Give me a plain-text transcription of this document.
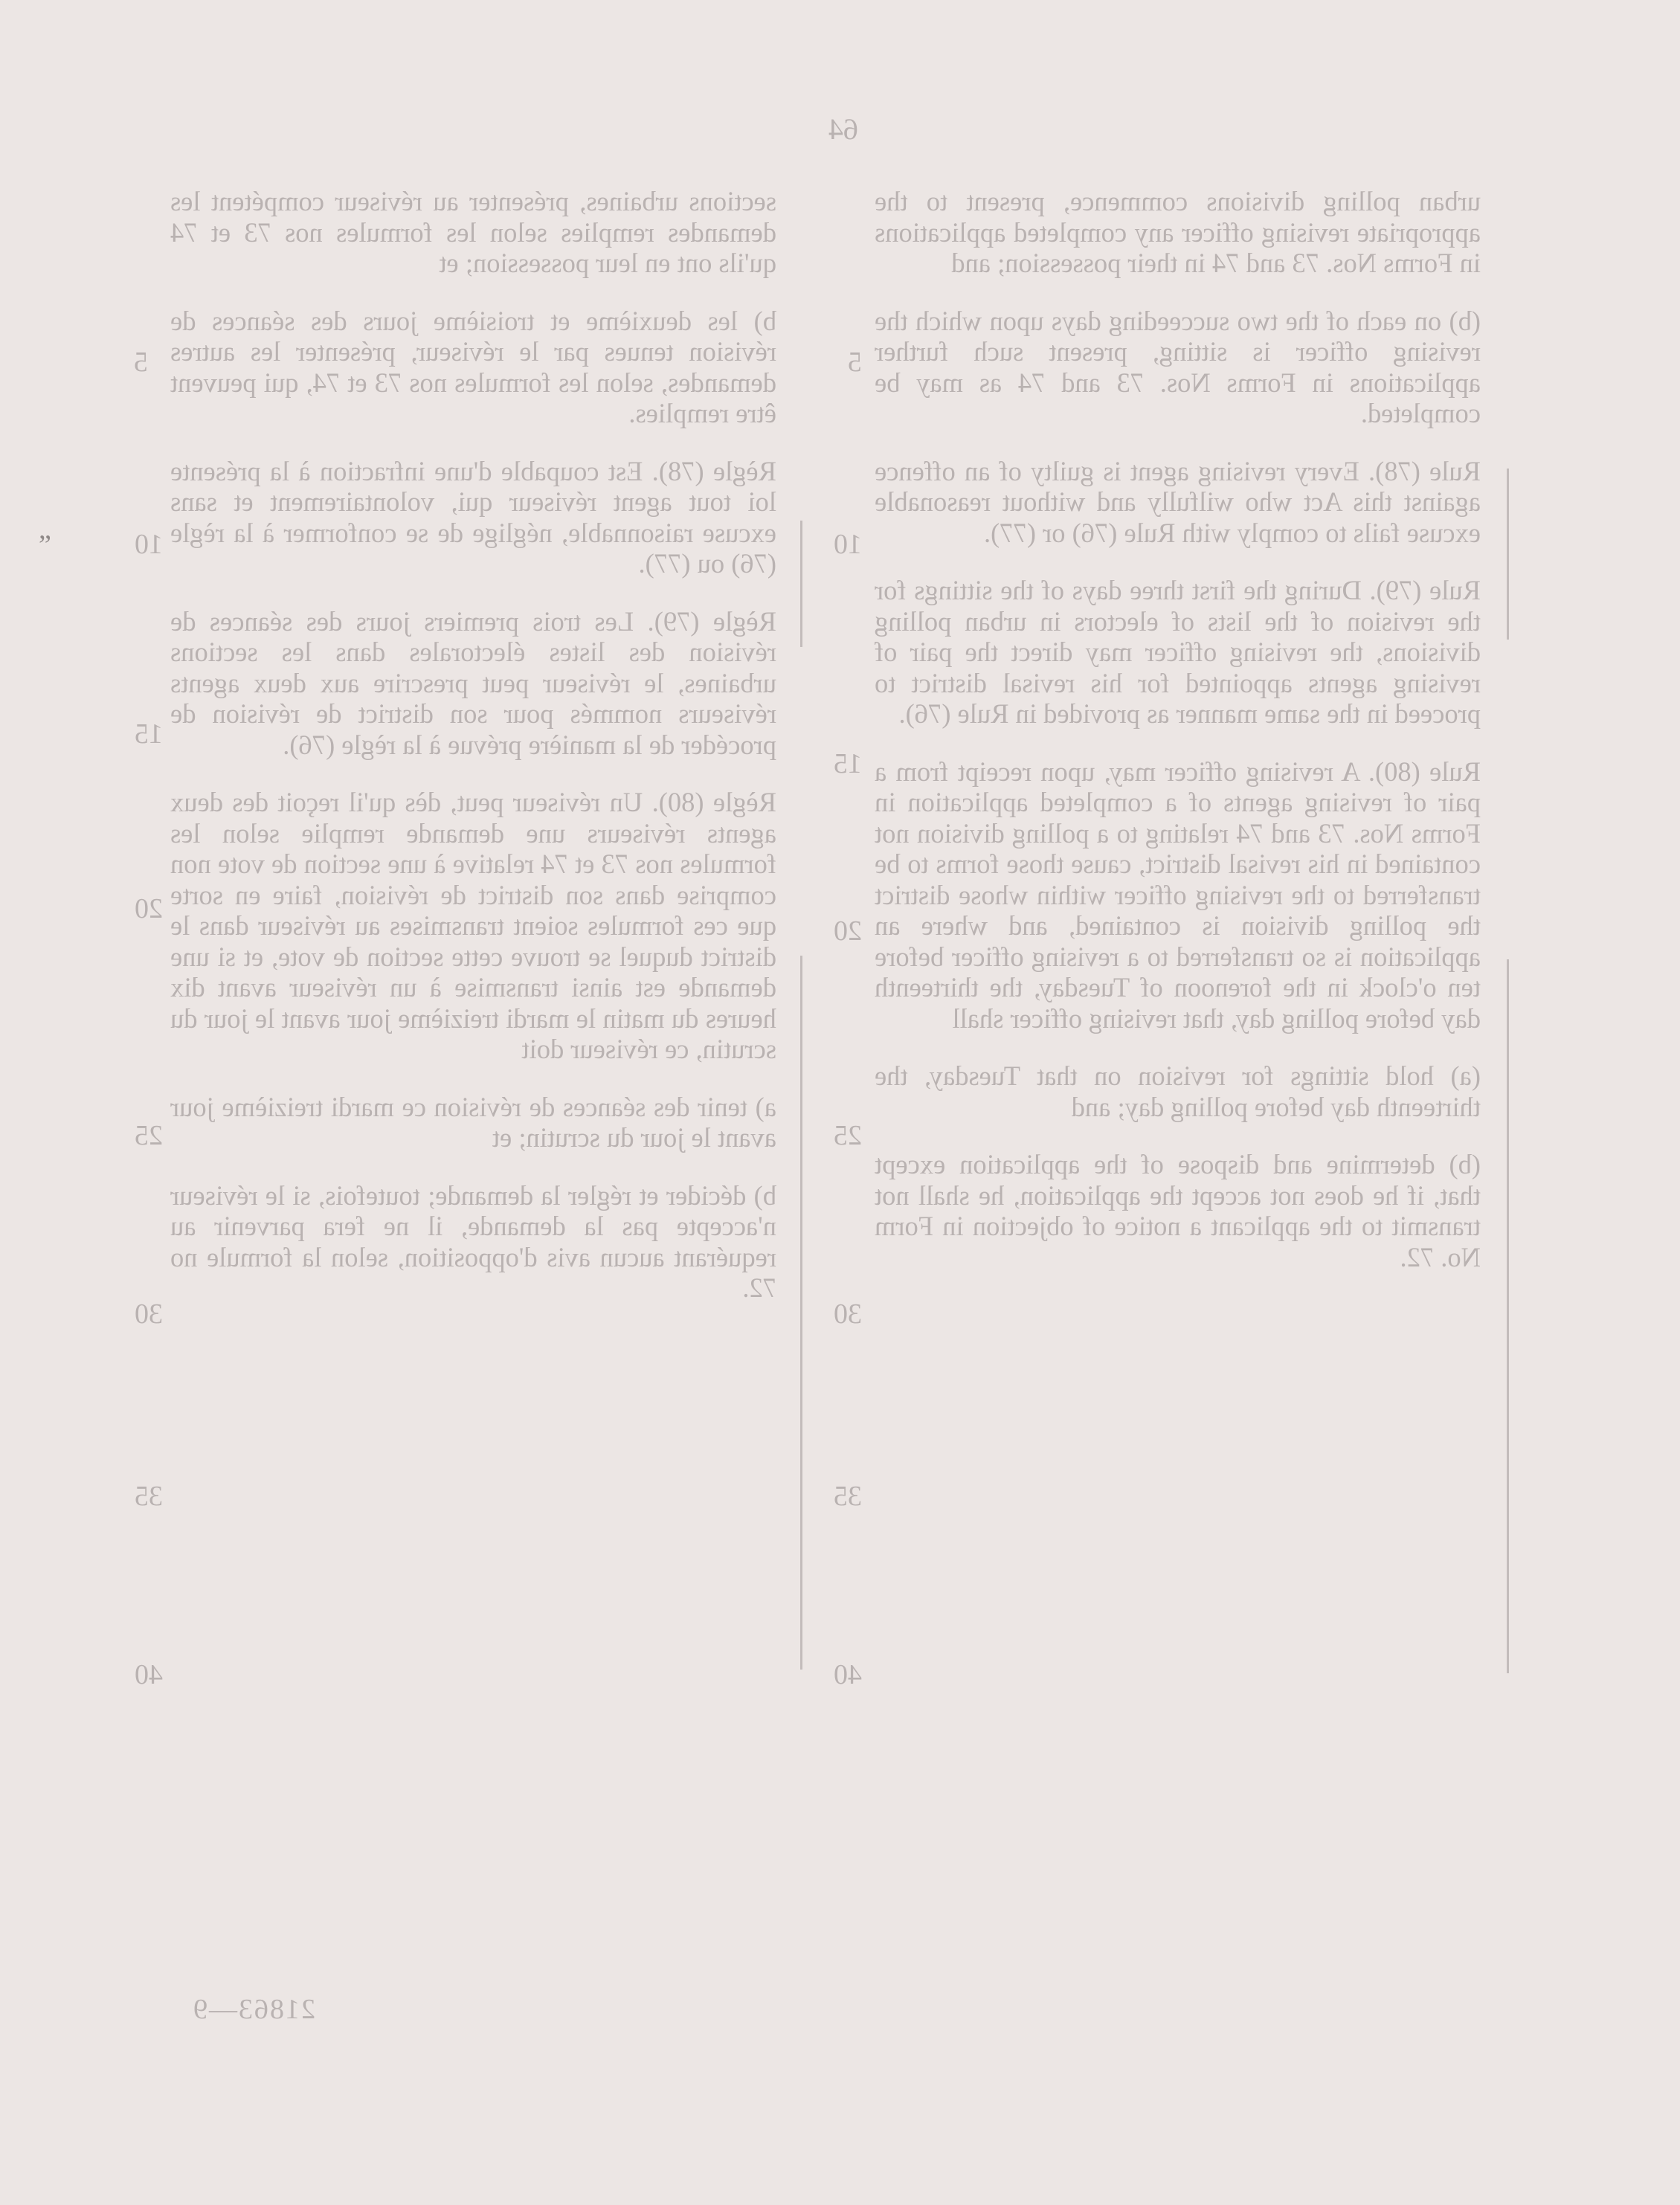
64

sections urbaines, présenter au réviseur compétent les demandes remplies selon les formules nos 73 et 74 qu'ils ont en leur possession; et

b) les deuxième et troisième jours des séances de révision tenues par le réviseur, présenter les autres demandes, selon les formules nos 73 et 74, qui peuvent être remplies.

Règle (78). Est coupable d'une infraction à la présente loi tout agent réviseur qui, volontairement et sans excuse raisonnable, néglige de se conformer à la règle (76) ou (77).

Règle (79). Les trois premiers jours des séances de révision des listes électorales dans les sections urbaines, le réviseur peut prescrire aux deux agents réviseurs nommés pour son district de révision de procéder de la manière prévue à la règle (76).

Règle (80). Un réviseur peut, dès qu'il reçoit des deux agents réviseurs une demande remplie selon les formules nos 73 et 74 relative à une section de vote non comprise dans son district de révision, faire en sorte que ces formules soient transmises au réviseur dans le district duquel se trouve cette section de vote, et si une demande est ainsi transmise à un réviseur avant dix heures du matin le mardi treizième jour avant le jour du scrutin, ce réviseur doit

a) tenir des séances de révision ce mardi treizième jour avant le jour du scrutin; et

b) décider et régler la demande; toutefois, si le réviseur n'accepte pas la demande, il ne fera parvenir au requérant aucun avis d'opposition, selon la formule no 72.

urban polling divisions commence, present to the appropriate revising officer any completed applications in Forms Nos. 73 and 74 in their possession; and

(b) on each of the two succeeding days upon which the revising officer is sitting, present such further applications in Forms Nos. 73 and 74 as may be completed.

Rule (78). Every revising agent is guilty of an offence against this Act who wilfully and without reasonable excuse fails to comply with Rule (76) or (77).

Rule (79). During the first three days of the sittings for the revision of the lists of electors in urban polling divisions, the revising officer may direct the pair of revising agents appointed for his revisal district to proceed in the same manner as provided in Rule (76).

Rule (80). A revising officer may, upon receipt from a pair of revising agents of a completed application in Forms Nos. 73 and 74 relating to a polling division not contained in his revisal district, cause those forms to be transferred to the revising officer within whose district the polling division is contained, and where an application is so transferred to a revising officer before ten o'clock in the forenoon of Tuesday, the thirteenth day before polling day, that revising officer shall

(a) hold sittings for revision on that Tuesday, the thirteenth day before polling day; and

(b) determine and dispose of the application except that, if he does not accept the application, he shall not transmit to the applicant a notice of objection in Form No. 72.

5
10
15
20
25
30
35
40
5
10
15
20
25
30
35
40
21863—9
„
